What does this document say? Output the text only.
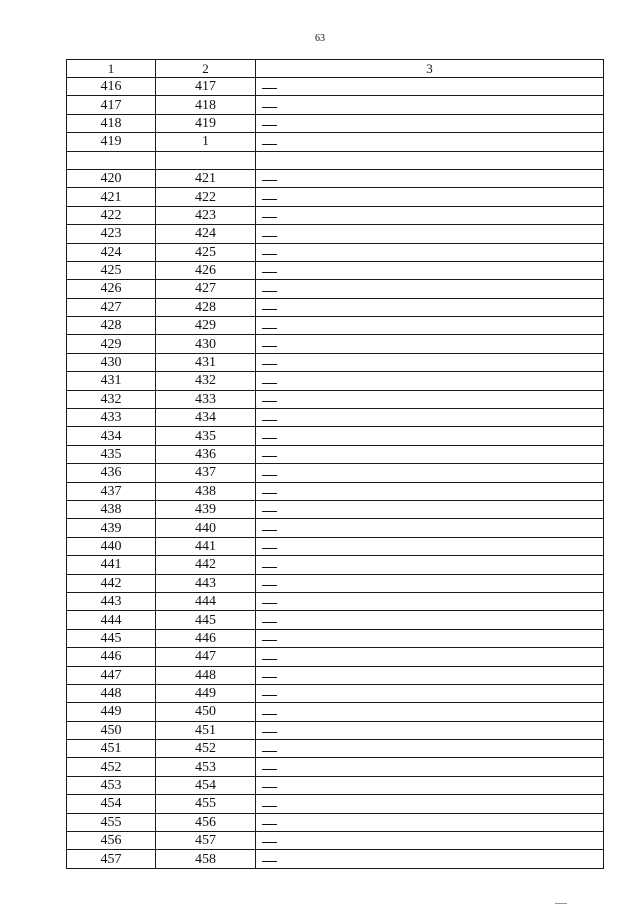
63
1	2	3
416	417	
417	418	
418	419	
419	1	

420	421	
421	422	
422	423	
423	424	
424	425	
425	426	
426	427	
427	428	
428	429	
429	430	
430	431	
431	432	
432	433	
433	434	
434	435	
435	436	
436	437	
437	438	
438	439	
439	440	
440	441	
441	442	
442	443	
443	444	
444	445	
445	446	
446	447	
447	448	
448	449	
449	450	
450	451	
451	452	
452	453	
453	454	
454	455	
455	456	
456	457	
457	458	
